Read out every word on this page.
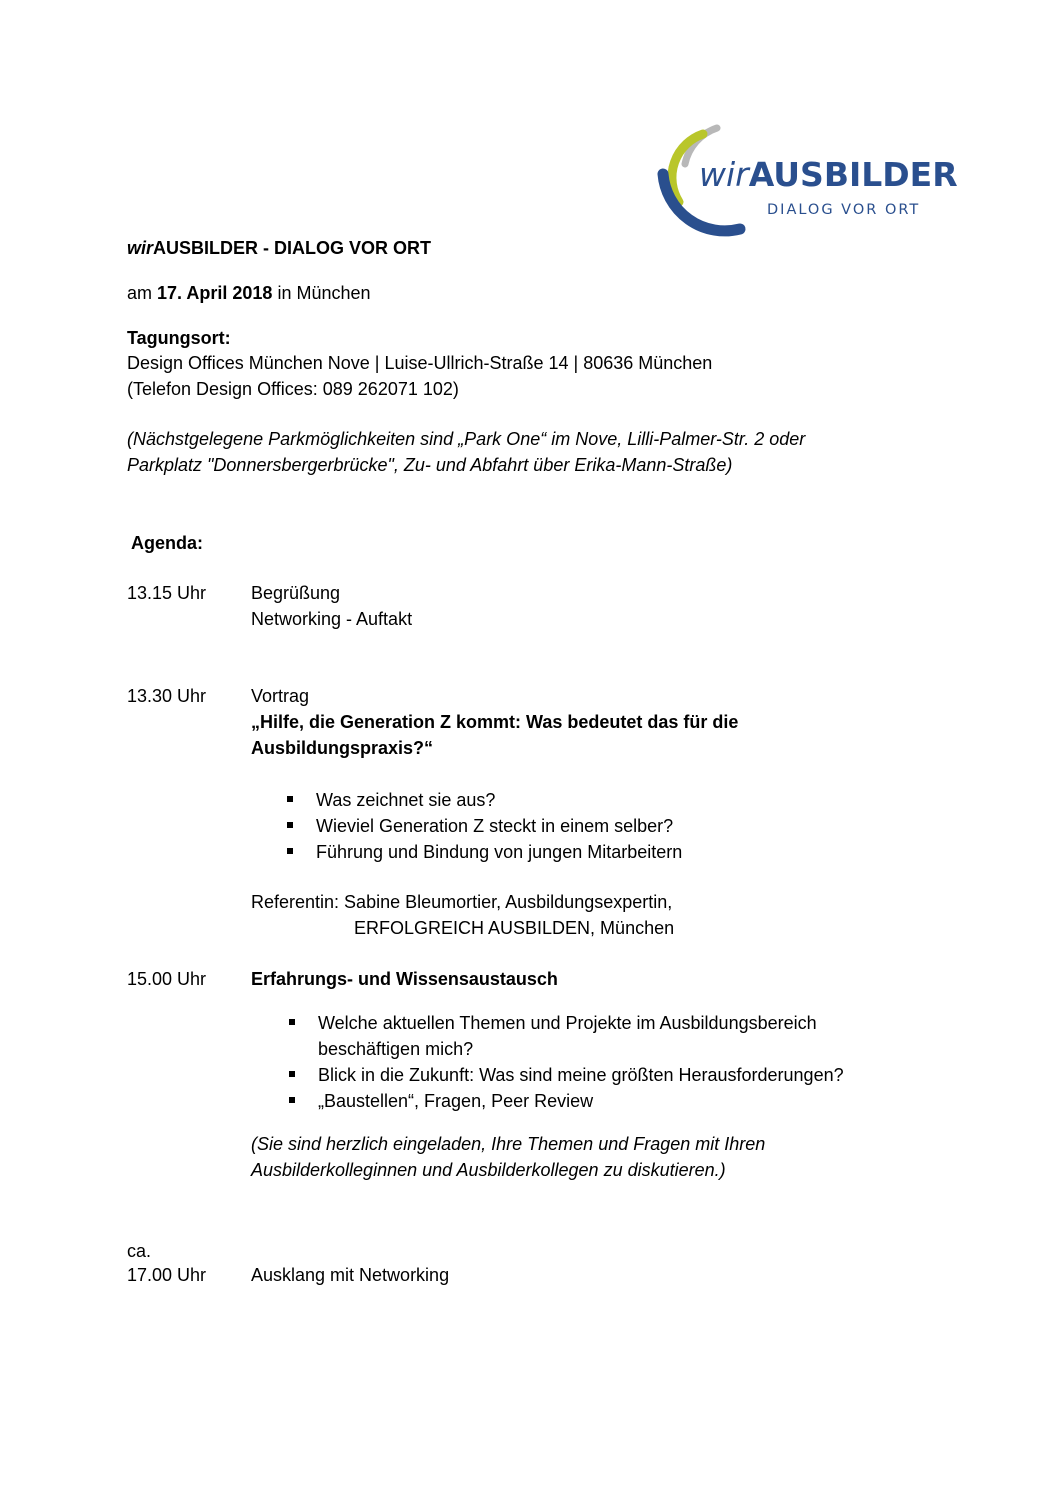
wirAUSBILDER
DIALOG VOR ORT
wirAUSBILDER - DIALOG VOR ORT
am 17. April 2018 in München
Tagungsort:
Design Offices München Nove | Luise-Ullrich-Straße 14 | 80636 München
(Telefon Design Offices: 089 262071 102)
(Nächstgelegene Parkmöglichkeiten sind „Park One“ im Nove, Lilli-Palmer-Str. 2 oder
Parkplatz "Donnersbergerbrücke", Zu- und Abfahrt über Erika-Mann-Straße)
Agenda:
13.15 Uhr Begrüßung
Networking - Auftakt
13.30 Uhr Vortrag
„Hilfe, die Generation Z kommt: Was bedeutet das für die
Ausbildungspraxis?“
Was zeichnet sie aus?
Wieviel Generation Z steckt in einem selber?
Führung und Bindung von jungen Mitarbeitern
Referentin: Sabine Bleumortier, Ausbildungsexpertin,
ERFOLGREICH AUSBILDEN, München
15.00 Uhr Erfahrungs- und Wissensaustausch
Welche aktuellen Themen und Projekte im Ausbildungsbereich
beschäftigen mich?
Blick in die Zukunft: Was sind meine größten Herausforderungen?
„Baustellen“, Fragen, Peer Review
(Sie sind herzlich eingeladen, Ihre Themen und Fragen mit Ihren
Ausbilderkolleginnen und Ausbilderkollegen zu diskutieren.)
ca.
17.00 Uhr Ausklang mit Networking
